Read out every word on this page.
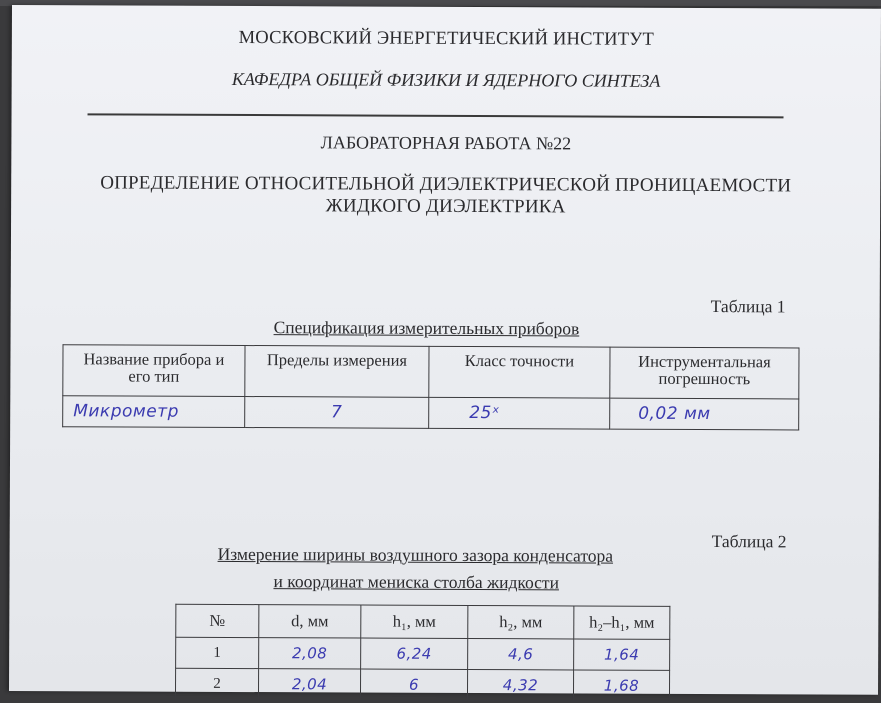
МОСКОВСКИЙ ЭНЕРГЕТИЧЕСКИЙ ИНСТИТУТ
КАФЕДРА ОБЩЕЙ ФИЗИКИ И ЯДЕРНОГО СИНТЕЗА
ЛАБОРАТОРНАЯ РАБОТА №22
ОПРЕДЕЛЕНИЕ ОТНОСИТЕЛЬНОЙ ДИЭЛЕКТРИЧЕСКОЙ ПРОНИЦАЕМОСТИ
ЖИДКОГО ДИЭЛЕКТРИКА
Таблица 1
Спецификация измерительных приборов
Название прибора и его тип	Пределы измерения	Класс точности	Инструментальная погрешность
Микрометр	7	25ˣ	0,02 мм
Таблица 2
Измерение ширины воздушного зазора конденсатора
и координат мениска столба жидкости
№	d, мм	h₁, мм	h₂, мм	h₂–h₁, мм
1	2,08	6,24	4,6	1,64
2	2,04	6	4,32	1,68
